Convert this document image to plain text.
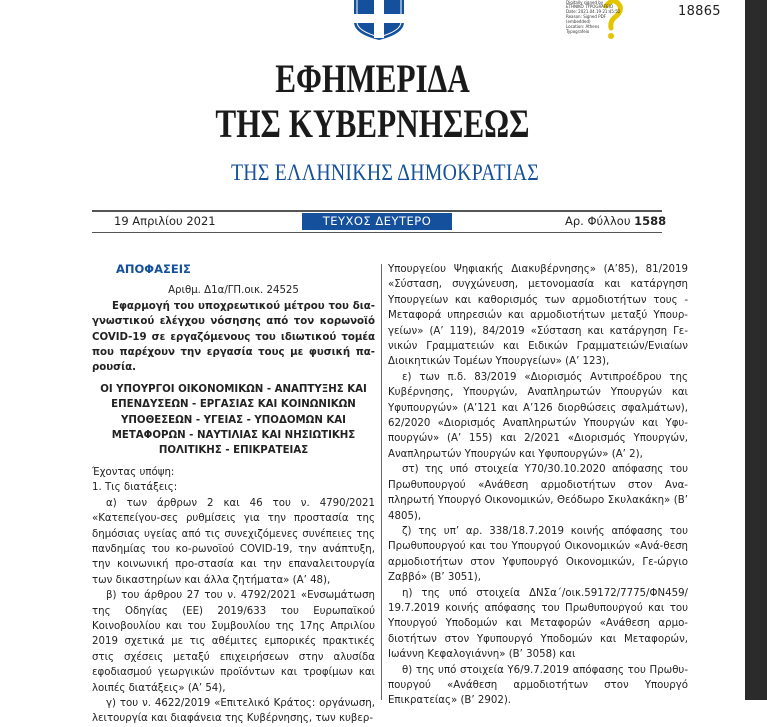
Digitally signed by
ETHNIKO TYPOGRAFEIO
Date: 2021.04.19 21:45:52
Reason: Signed PDF
(embedded)
Location: Athens
Typografeio
18865
ΕΦΗΜΕΡΙΔΑ
ΤΗΣ ΚΥΒΕΡΝΗΣΕΩΣ
ΤΗΣ ΕΛΛΗΝΙΚΗΣ ΔΗΜΟΚΡΑΤΙΑΣ
19 Απριλίου 2021	ΤΕΥΧΟΣ ΔΕΥΤΕΡΟ	Αρ. Φύλλου 1588
ΑΠΟΦΑΣΕΙΣ

Αριθμ. Δ1α/ΓΠ.οικ. 24525

Εφαρμογή του υποχρεωτικού μέτρου του δια-γνωστικού ελέγχου νόσησης από τον κορωνοϊό COVID-19 σε εργαζόμενους του ιδιωτικού τομέα που παρέχουν την εργασία τους με φυσική πα-ρουσία.

ΟΙ ΥΠΟΥΡΓΟΙ ΟΙΚΟΝΟΜΙΚΩΝ - ΑΝΑΠΤΥΞΗΣ ΚΑΙ ΕΠΕΝΔΥΣΕΩΝ - ΕΡΓΑΣΙΑΣ ΚΑΙ ΚΟΙΝΩΝΙΚΩΝ ΥΠΟΘΕΣΕΩΝ - ΥΓΕΙΑΣ - ΥΠΟΔΟΜΩΝ ΚΑΙ ΜΕΤΑΦΟΡΩΝ - ΝΑΥΤΙΛΙΑΣ ΚΑΙ ΝΗΣΙΩΤΙΚΗΣ ΠΟΛΙΤΙΚΗΣ - ΕΠΙΚΡΑΤΕΙΑΣ

Έχοντας υπόψη:

1. Τις διατάξεις:

α) των άρθρων 2 και 46 του ν. 4790/2021 «Κατεπείγου-σες ρυθμίσεις για την προστασία της δημόσιας υγείας από τις συνεχιζόμενες συνέπειες της πανδημίας του κο-ρωνοϊού COVID-19, την ανάπτυξη, την κοινωνική προ-στασία και την επαναλειτουργία των δικαστηρίων και άλλα ζητήματα» (Α’ 48),

β) του άρθρου 27 του ν. 4792/2021 «Ενσωμάτωση της Οδηγίας (ΕΕ) 2019/633 του Ευρωπαϊκού Κοινοβουλίου και του Συμβουλίου της 17ης Απριλίου 2019 σχετικά με τις αθέμιτες εμπορικές πρακτικές στις σχέσεις μεταξύ επιχειρήσεων στην αλυσίδα εφοδιασμού γεωργικών προϊόντων και τροφίμων και λοιπές διατάξεις» (Α’ 54),

γ) του ν. 4622/2019 «Επιτελικό Κράτος: οργάνωση, λειτουργία και διαφάνεια της Κυβέρνησης, των κυβερ-

Υπουργείου Ψηφιακής Διακυβέρνησης» (Α’85), 81/2019 «Σύσταση, συγχώνευση, μετονομασία και κατάργηση Υπουργείων και καθορισμός των αρμοδιοτήτων τους - Μεταφορά υπηρεσιών και αρμοδιοτήτων μεταξύ Υπουρ-γείων» (Α’ 119), 84/2019 «Σύσταση και κατάργηση Γε-νικών Γραμματειών και Ειδικών Γραμματειών/Ενιαίων Διοικητικών Τομέων Υπουργείων» (Α’ 123),

ε) των π.δ. 83/2019 «Διορισμός Αντιπροέδρου της Κυβέρνησης, Υπουργών, Αναπληρωτών Υπουργών και Υφυπουργών» (Α’121 και Α’126 διορθώσεις σφαλμάτων), 62/2020 «Διορισμός Αναπληρωτών Υπουργών και Υφυ-πουργών» (Α’ 155) και 2/2021 «Διορισμός Υπουργών, Αναπληρωτών Υπουργών και Υφυπουργών» (Α’ 2),

στ) της υπό στοιχεία Υ70/30.10.2020 απόφασης του Πρωθυπουργού «Ανάθεση αρμοδιοτήτων στον Ανα-πληρωτή Υπουργό Οικονομικών, Θεόδωρο Σκυλακάκη» (Β’ 4805),

ζ) της υπ’ αρ. 338/18.7.2019 κοινής απόφασης του Πρωθυπουργού και του Υπουργού Οικονομικών «Ανά-θεση αρμοδιοτήτων στον Υφυπουργό Οικονομικών, Γε-ώργιο Ζαββό» (Β’ 3051),

η) της υπό στοιχεία ΔΝΣα΄/οικ.59172/7775/ΦΝ459/ 19.7.2019 κοινής απόφασης του Πρωθυπουργού και του Υπουργού Υποδομών και Μεταφορών «Ανάθεση αρμο-διοτήτων στον Υφυπουργό Υποδομών και Μεταφορών, Ιωάννη Κεφαλογιάννη» (Β’ 3058) και

θ) της υπό στοιχεία Υ6/9.7.2019 απόφασης του Πρωθυ-πουργού «Ανάθεση αρμοδιοτήτων στον Υπουργό Επικρατείας» (Β’ 2902).
